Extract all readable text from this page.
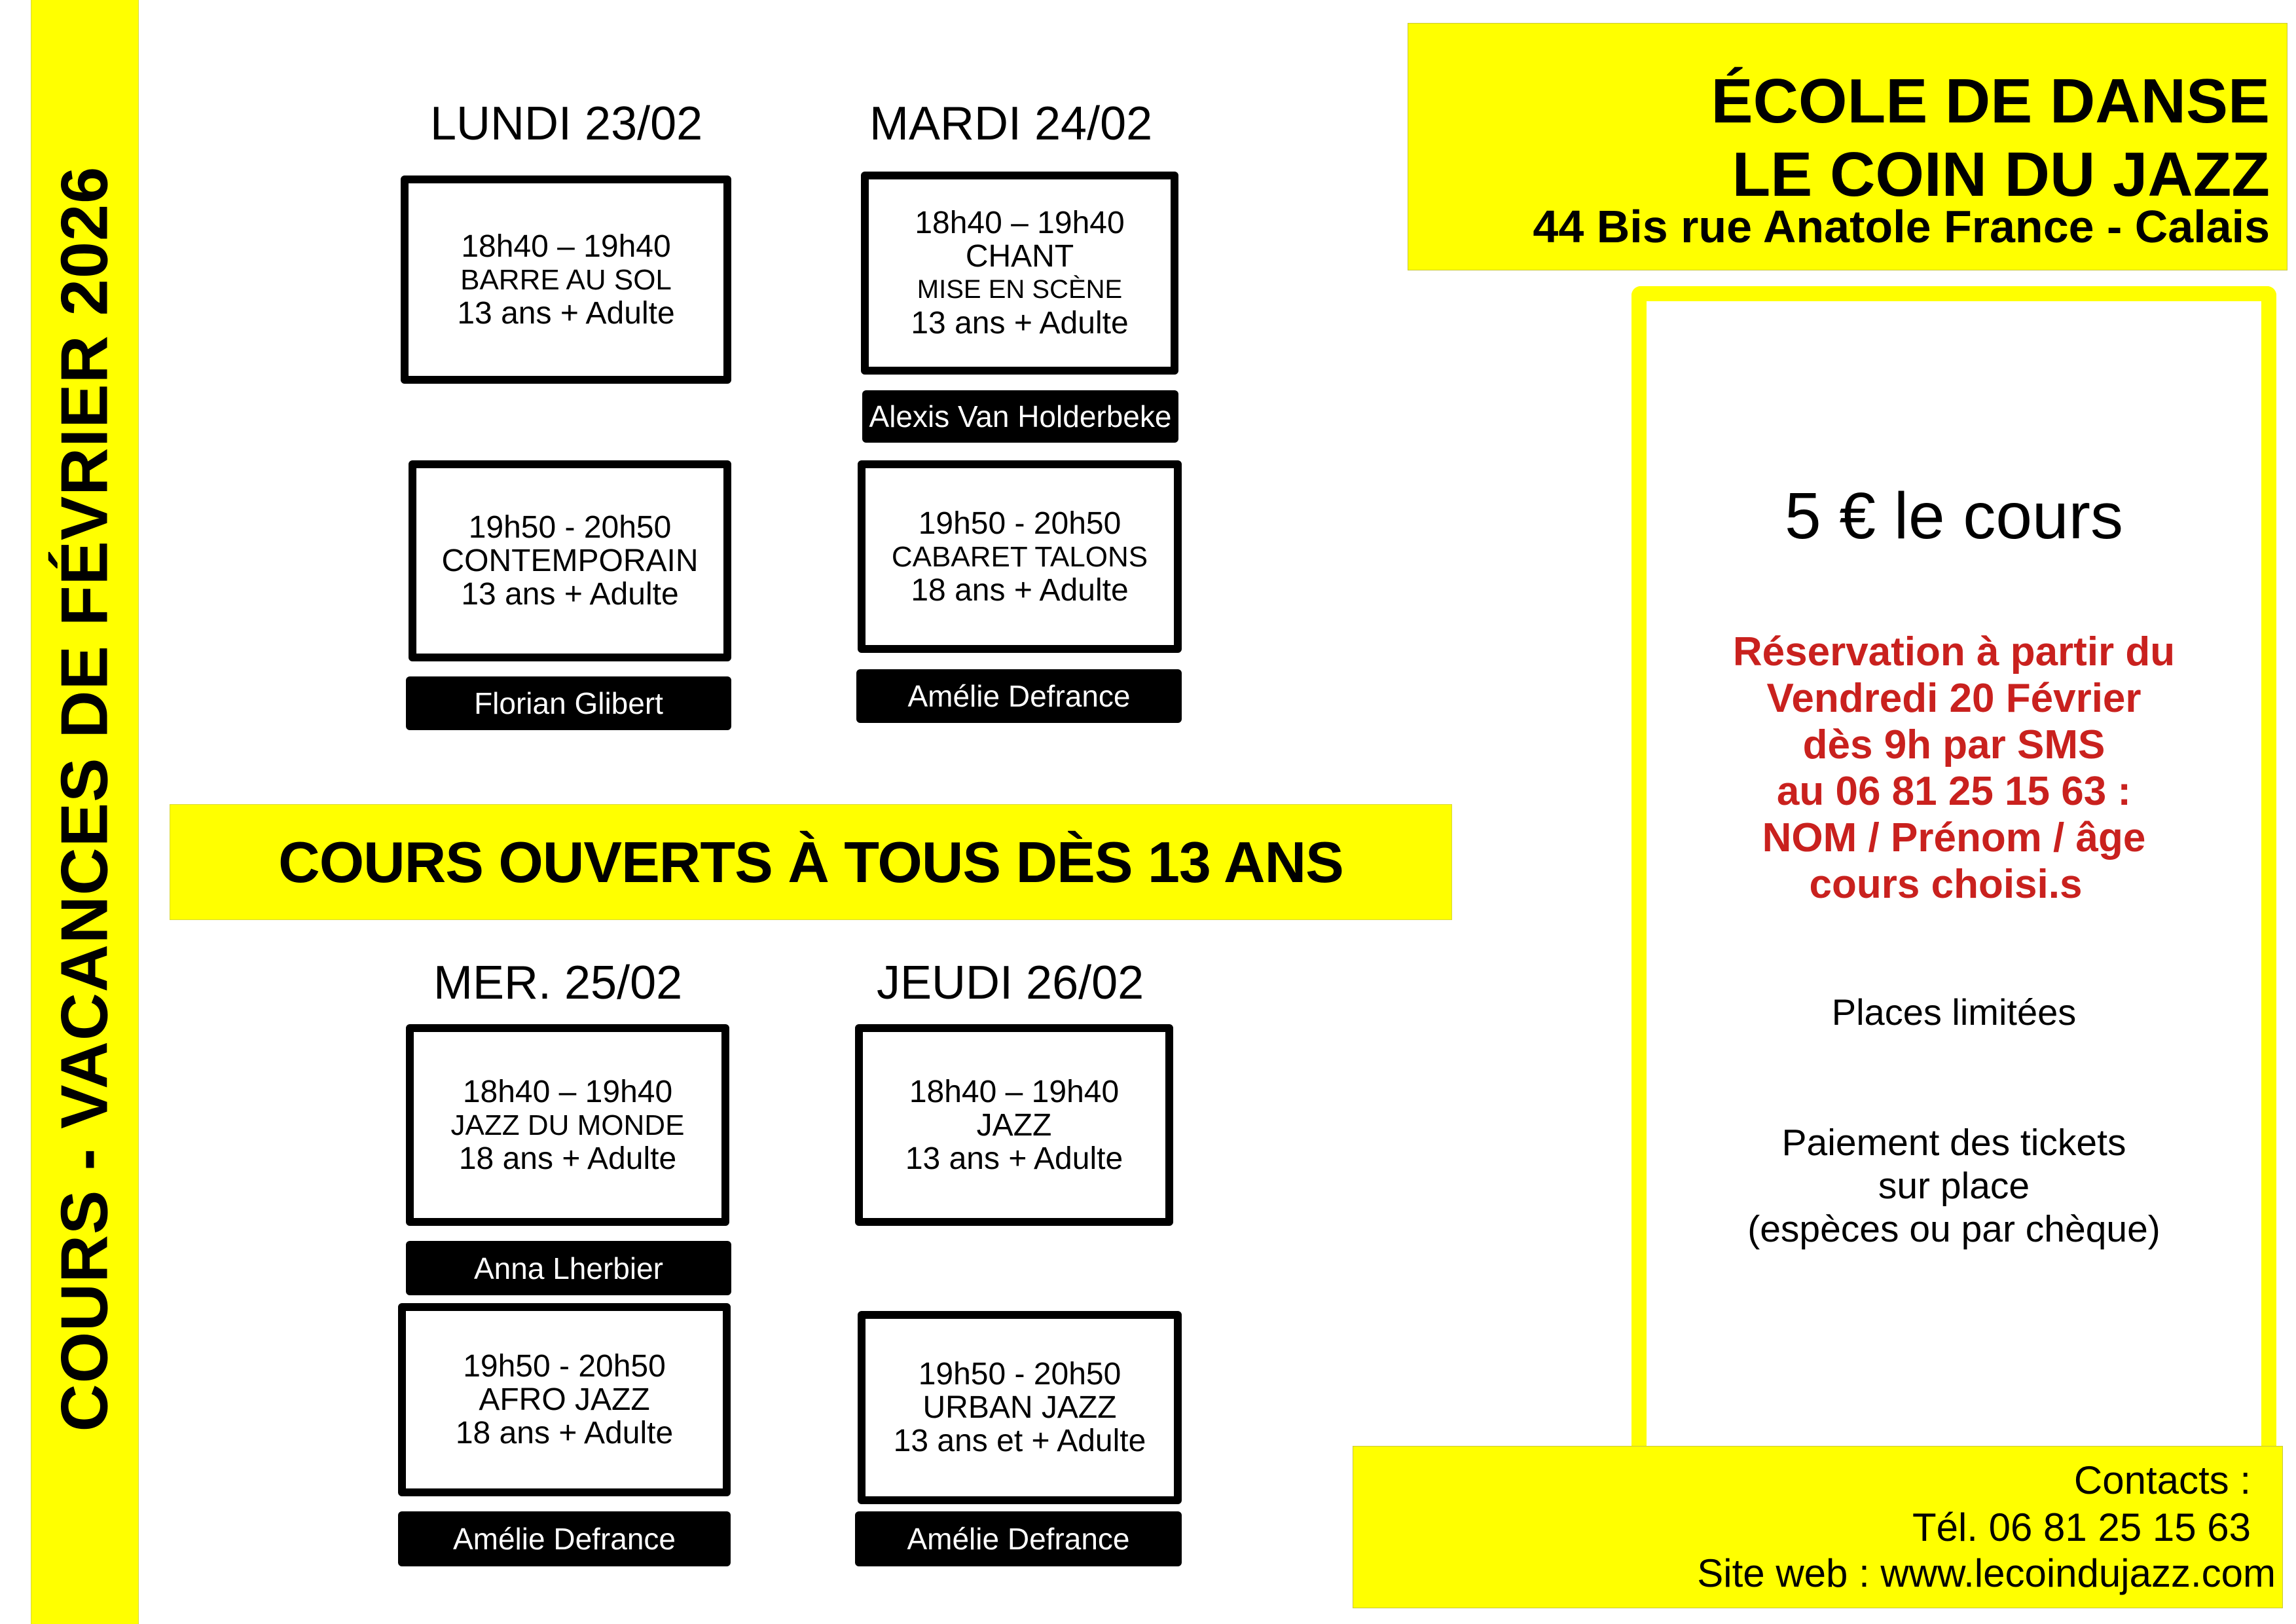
COURS - VACANCES DE FÉVRIER 2026
ÉCOLE DE DANSE
LE COIN DU JAZZ
44 Bis rue Anatole France - Calais
LUNDI 23/02
18h40 – 19h40
BARRE AU SOL
13 ans + Adulte
19h50 - 20h50
CONTEMPORAIN
13 ans + Adulte
Florian Glibert
MARDI 24/02
18h40 – 19h40
CHANT
MISE EN SCÈNE
13 ans + Adulte
Alexis Van Holderbeke
19h50 - 20h50
CABARET TALONS
18 ans + Adulte
Amélie Defrance
COURS OUVERTS À TOUS DÈS 13 ANS
MER. 25/02
18h40 – 19h40
JAZZ DU MONDE
18 ans + Adulte
Anna Lherbier
19h50 - 20h50
AFRO JAZZ
18 ans + Adulte
Amélie Defrance
JEUDI 26/02
18h40 – 19h40
JAZZ
13 ans + Adulte
19h50 - 20h50
URBAN JAZZ
13 ans et + Adulte
Amélie Defrance
5 € le cours
Réservation à partir du
Vendredi 20 Février
dès 9h par SMS
au 06 81 25 15 63 :
NOM / Prénom / âge
cours choisi.s
Places limitées
Paiement des tickets
sur place
(espèces ou par chèque)
Contacts :
Tél. 06 81 25 15 63
Site web : www.lecoindujazz.com
